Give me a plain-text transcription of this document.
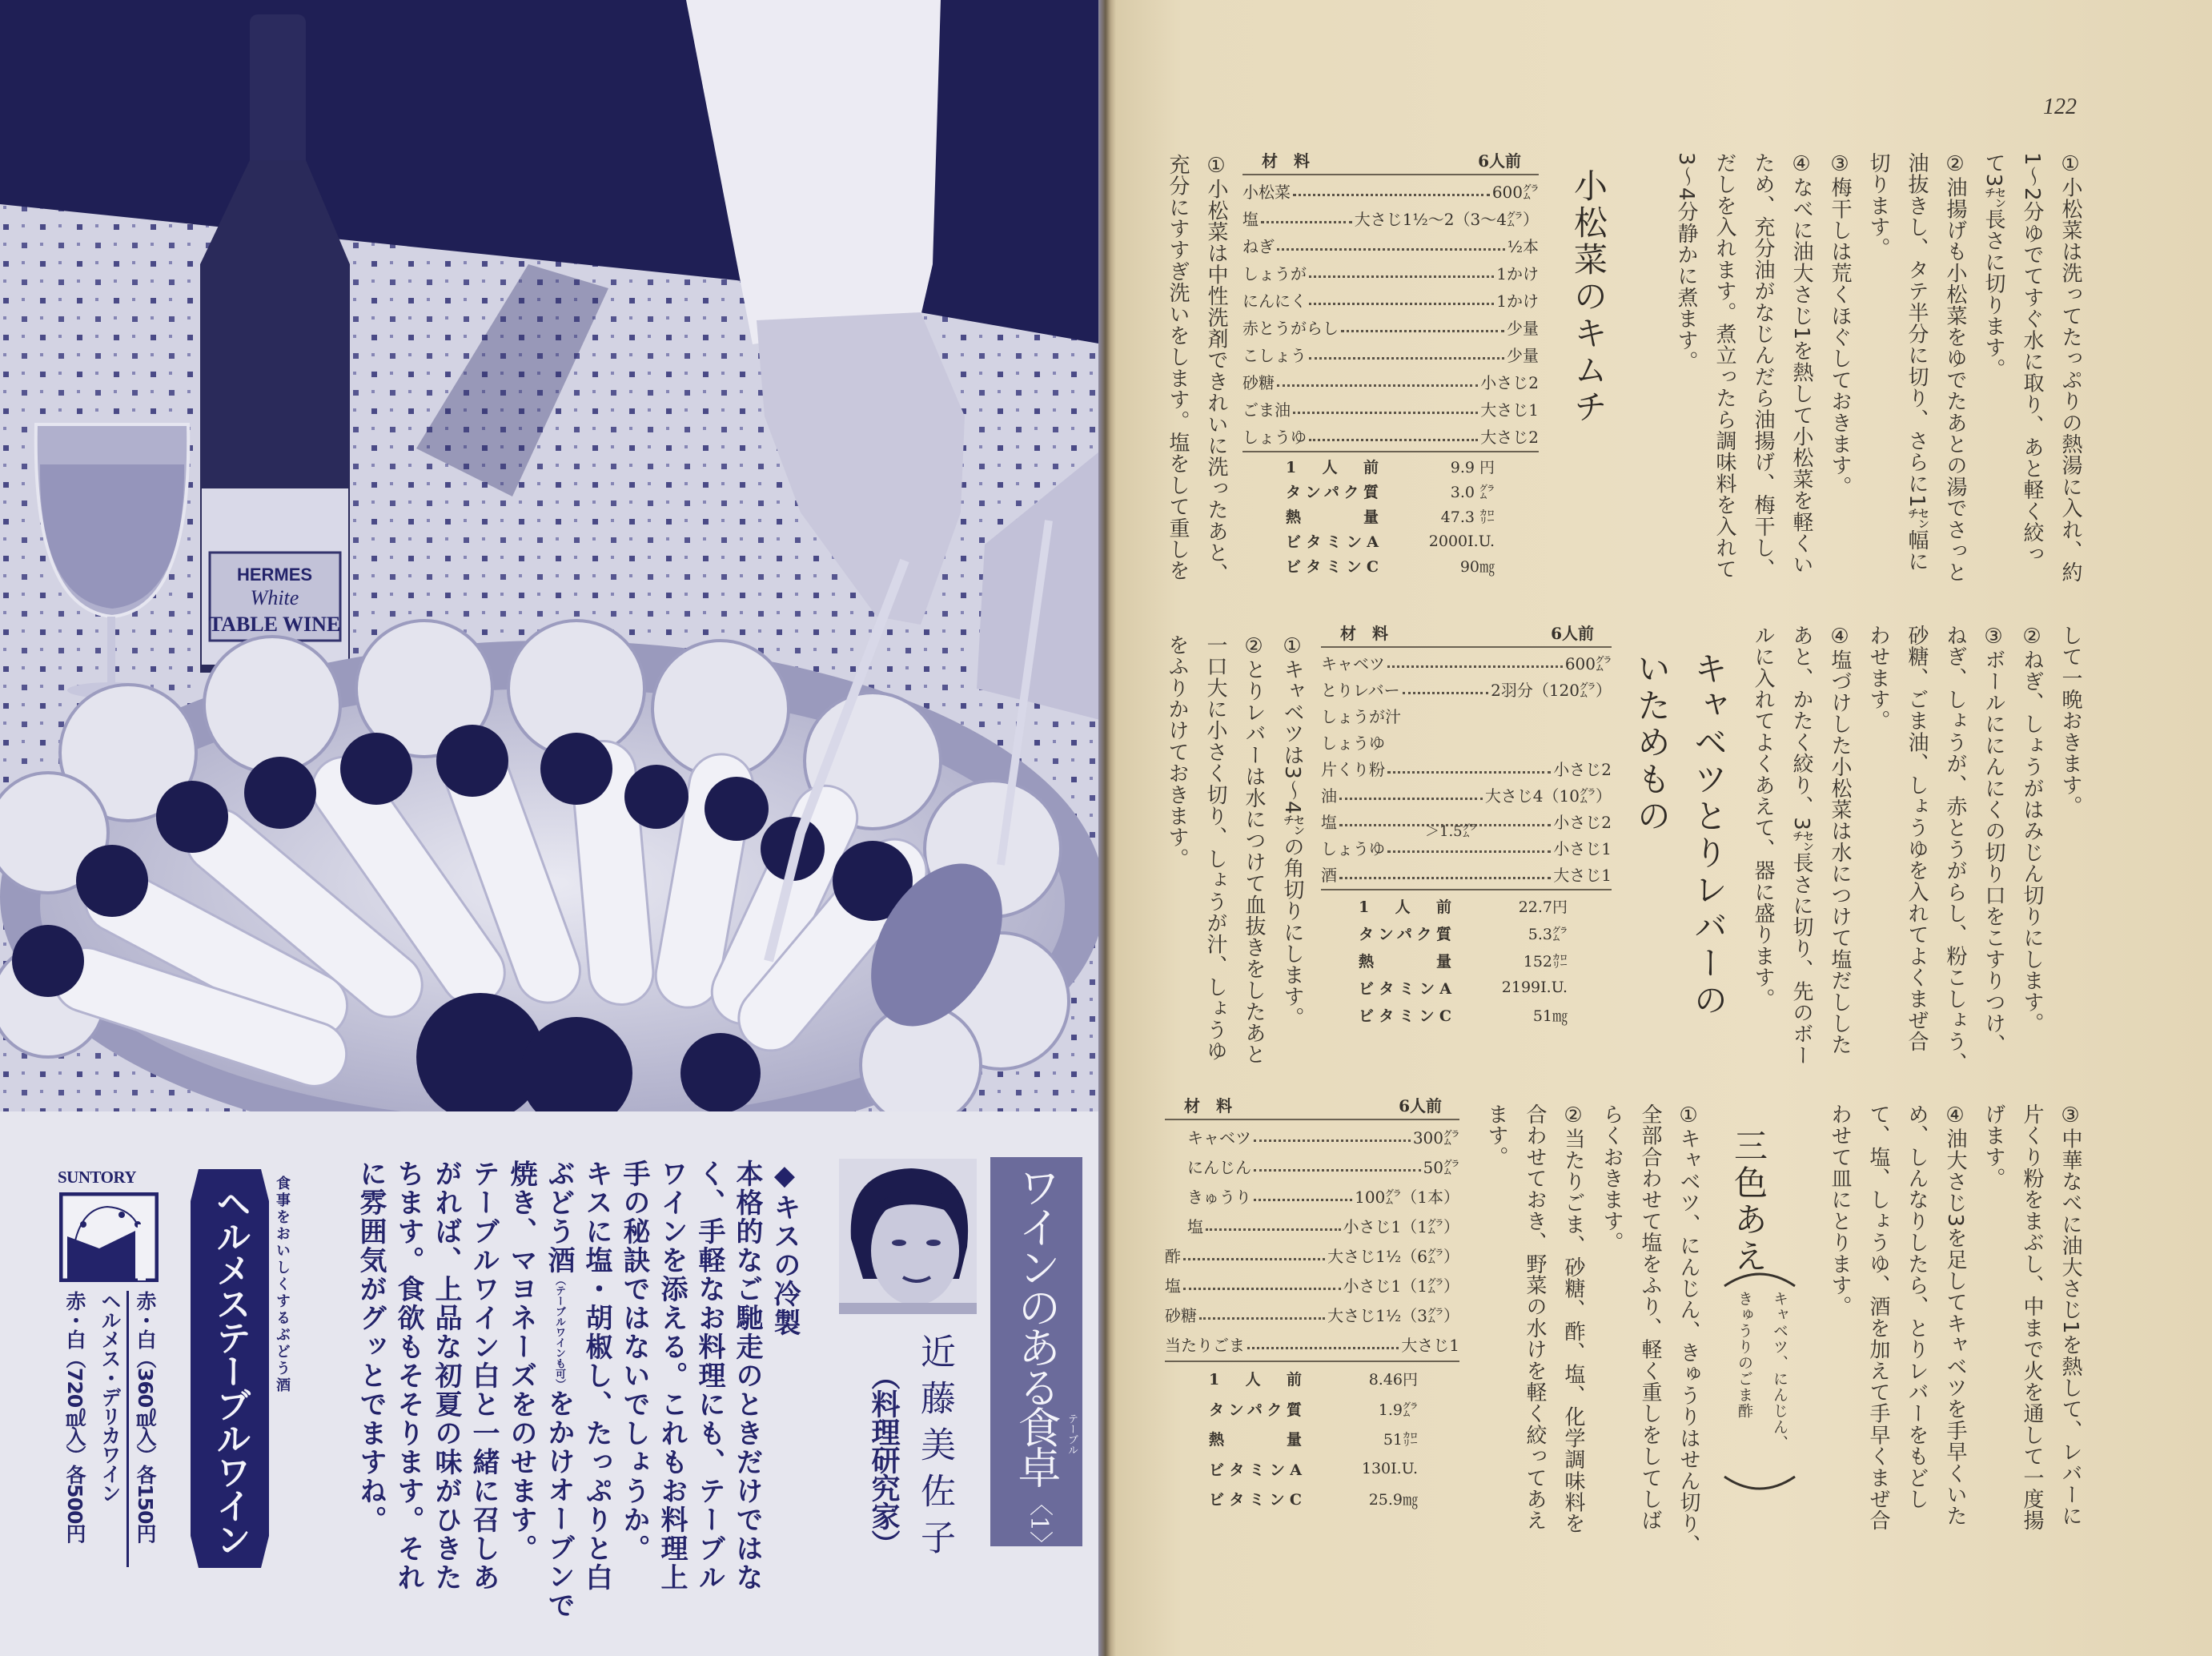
HERMES
White
TABLE WINE
ワインのある食卓 テーブル
〈1〉
近藤美佐子
（料理研究家）
◆キスの冷製
本格的なご馳走のときだけではな
く、手軽なお料理にも、テーブル
ワインを添える。これもお料理上
手の秘訣ではないでしょうか。
キスに塩・胡椒し、たっぷりと白
ぶどう酒（テーブルワインも可）をかけオーブンで
焼き、マヨネーズをのせます。
テーブルワイン白と一緒に召しあ
がれば、上品な初夏の味がひきた
ちます。食欲もそそります。それ
に雰囲気がグッとでますね。
SUNTORY	食事をおいしくするぶどう酒
ヘルメステーブルワイン
赤・白（360㎖入）各150円
ヘルメス・デリカワイン
赤・白（720㎖入）各500円
122
①小松菜は洗ってたっぷりの熱湯に入れ、約
1〜2分ゆでてすぐ水に取り、あと軽く絞っ
て3㌢長さに切ります。
②油揚げも小松菜をゆでたあとの湯でさっと
油抜きし、タテ半分に切り、さらに1㌢幅に
切ります。
③梅干しは荒くほぐしておきます。
④なべに油大さじ1を熱して小松菜を軽くい
ため、充分油がなじんだら油揚げ、梅干し、
だしを入れます。煮立ったら調味料を入れて
3〜4分静かに煮ます。
小松菜のキムチ
材　料	6人前
小松菜	600㌘
塩	大さじ1½〜2（3〜4㌘）
ねぎ	½本
しょうが	1かけ
にんにく	1かけ
赤とうがらし	少量
こしょう	少量
砂糖	小さじ2
ごま油	大さじ1
しょうゆ	大さじ2
1人前	9.9 円
タンパク質	3.0 ㌘
熱量	47.3 ㌍
ビタミンA	2000I.U.
ビタミンC	90㎎
①小松菜は中性洗剤できれいに洗ったあと、
充分にすすぎ洗いをします。塩をして重しを
して一晩おきます。
②ねぎ、しょうがはみじん切りにします。
③ボールににんにくの切り口をこすりつけ、
ねぎ、しょうが、赤とうがらし、粉こしょう、
砂糖、ごま油、しょうゆを入れてよくまぜ合
わせます。
④塩づけした小松菜は水につけて塩だしした
あと、かたく絞り、3㌢長さに切り、先のボー
ルに入れてよくあえて、器に盛ります。
キャベツとりレバーの
いためもの
材　料	6人前
キャベツ	600㌘
とりレバー	2羽分（120㌘）
しょうが汁
しょうゆ
片くり粉	小さじ2
油	大さじ4（10㌘）
塩	小さじ2
しょうゆ	小さじ1
酒	大さじ1
＞1.5㌘
1人前	22.7円
タンパク質	5.3㌘
熱量	152㌍
ビタミンA	2199I.U.
ビタミンC	51㎎
①キャベツは3〜4㌢の角切りにします。
②とりレバーは水につけて血抜きをしたあと
一口大に小さく切り、しょうが汁、しょうゆ
をふりかけておきます。
③中華なべに油大さじ1を熱して、レバーに
片くり粉をまぶし、中まで火を通して一度揚
げます。
④油大さじ3を足してキャベツを手早くいた
め、しんなりしたら、とりレバーをもどし
て、塩、しょうゆ、酒を加えて手早くまぜ合
わせて皿にとります。
三色あえ
キャベツ、にんじん、
きゅうりのごま酢
①キャベツ、にんじん、きゅうりはせん切り、
全部合わせて塩をふり、軽く重しをしてしば
らくおきます。
②当たりごま、砂糖、酢、塩、化学調味料を
合わせておき、野菜の水けを軽く絞ってあえ
ます。
材　料	6人前
キャベツ	300㌘
にんじん	50㌘
きゅうり	100㌘（1本）
塩	小さじ1（1㌘）
酢	大さじ1½（6㌘）
塩	小さじ1（1㌘）
砂糖	大さじ1½（3㌘）
当たりごま	大さじ1
1人前	8.46円
タンパク質	1.9㌘
熱量	51㌍
ビタミンA	130I.U.
ビタミンC	25.9㎎
